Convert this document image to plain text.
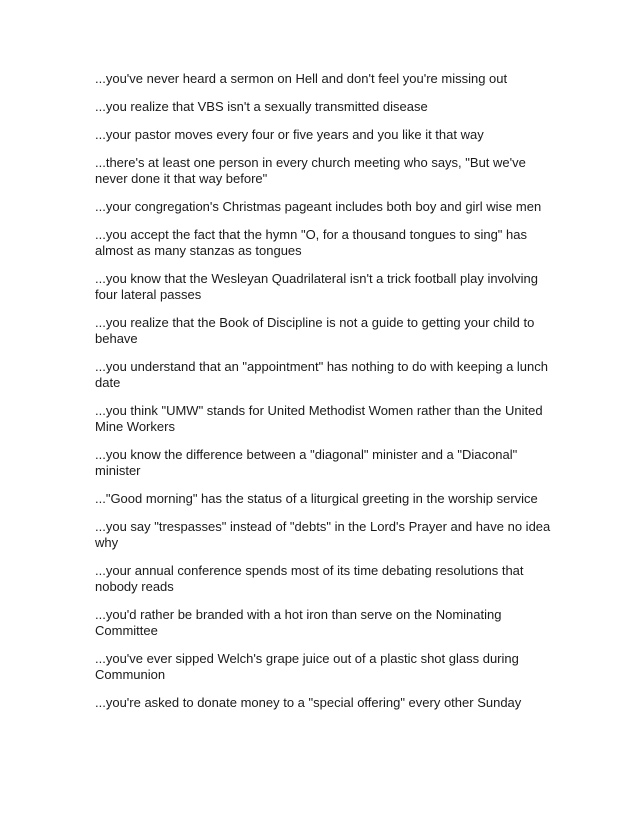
...you've never heard a sermon on Hell and don't feel you're missing out
...you realize that VBS isn't a sexually transmitted disease
...your pastor moves every four or five years and you like it that way
...there's at least one person in every church meeting who says, "But we've never done it that way before"
...your congregation's Christmas pageant includes both boy and girl wise men
...you accept the fact that the hymn "O, for a thousand tongues to sing" has almost as many stanzas as tongues
...you know that the Wesleyan Quadrilateral isn't a trick football play involving four lateral passes
...you realize that the Book of Discipline is not a guide to getting your child to behave
...you understand that an "appointment" has nothing to do with keeping a lunch date
...you think "UMW" stands for United Methodist Women rather than the United Mine Workers
...you know the difference between a "diagonal" minister and a "Diaconal" minister
..."Good morning" has the status of a liturgical greeting in the worship service
...you say "trespasses" instead of "debts" in the Lord's Prayer and have no idea why
...your annual conference spends most of its time debating resolutions that nobody reads
...you'd rather be branded with a hot iron than serve on the Nominating Committee
...you've ever sipped Welch's grape juice out of a plastic shot glass during Communion
...you're asked to donate money to a "special offering" every other Sunday
